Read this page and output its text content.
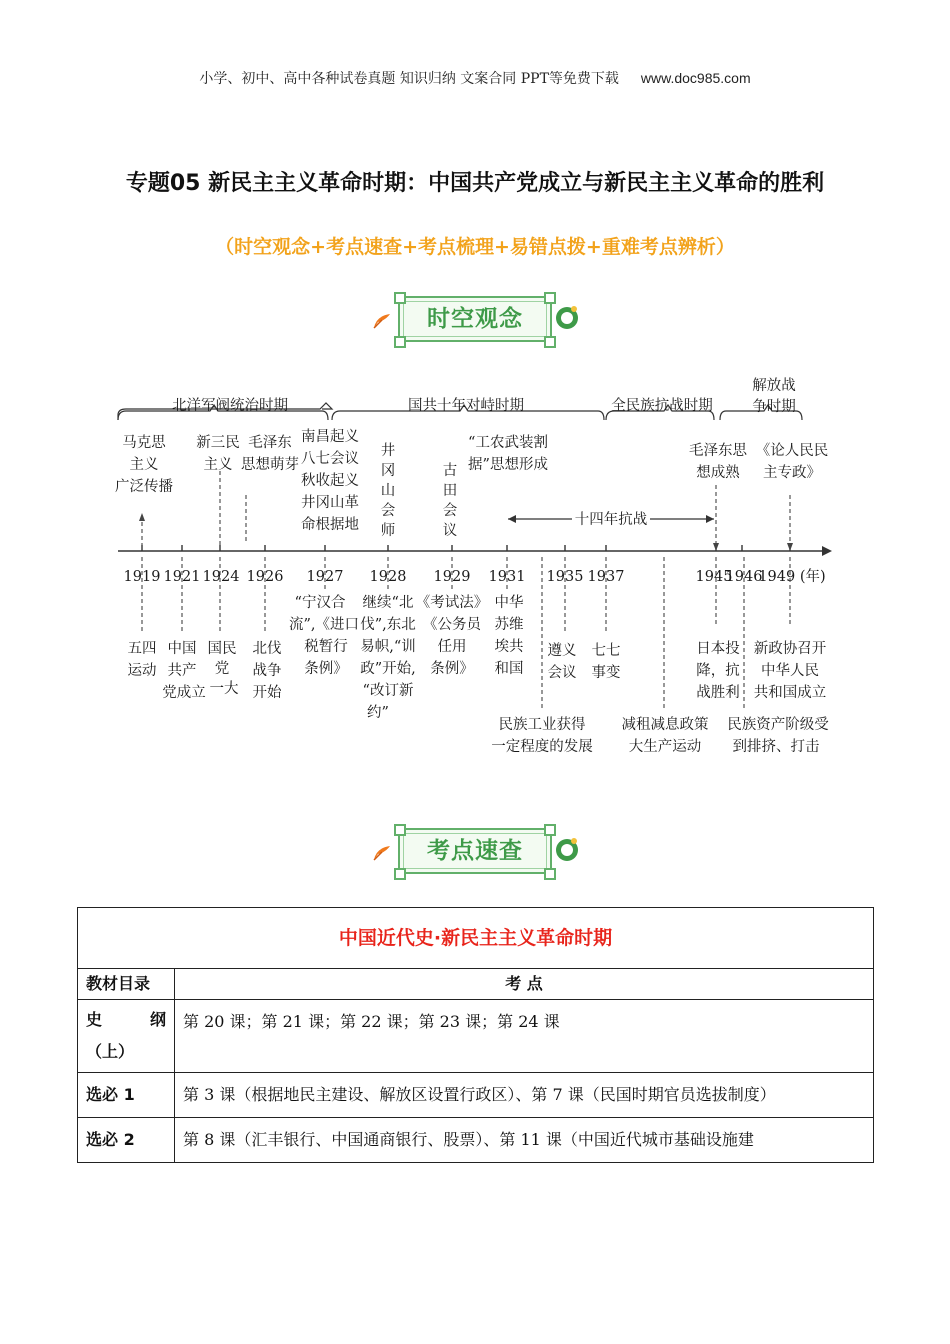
小学、初中、高中各种试卷真题 知识归纳 文案合同 PPT等免费下载 www.doc985.com
专题05 新民主主义革命时期：中国共产党成立与新民主主义革命的胜利
（时空观念+考点速查+考点梳理+易错点拨+重难考点辨析）
时空观念
北洋军阀统治时期	国共十年对峙时期	全民族抗战时期
解放战
争时期
1919 1921 1924 1926 1927 1928 1929 1931 1935 1937	1945
1946
1949 (年)
十四年抗战
马克思
主义
广泛传播
新三民
主义
毛泽东
思想萌芽
南昌起义
八七会议
秋收起义
井冈山革
命根据地
井
冈
山
会
师
古
田
会
议
“工农武装割
据”思想形成
毛泽东思
想成熟
《论人民民
主专政》
五四
运动
中国
共产
党成立
国民
党
一大
北伐
战争
开始
“宁汉合
流”,《进口
税暂行
条例》
继续“北
伐”,东北
易帜,“训
政”开始,
“改订新
约”
《考试法》
《公务员
任用
条例》
中华
苏维
埃共
和国
遵义
会议
七七
事变
日本投
降，抗
战胜利
新政协召开
中华人民
共和国成立
民族工业获得
一定程度的发展
减租减息政策
大生产运动
民族资产阶级受
到排挤、打击
考点速查
中国近代史·新民主主义革命时期	
教材目录	考 点

史 纲
（上）	第 20 课；第 21 课；第 22 课；第 23 课；第 24 课
选必 1	第 3 课（根据地民主建设、解放区设置行政区）、第 7 课（民国时期官员选拔制度）
选必 2	第 8 课（汇丰银行、中国通商银行、股票）、第 11 课（中国近代城市基础设施建
